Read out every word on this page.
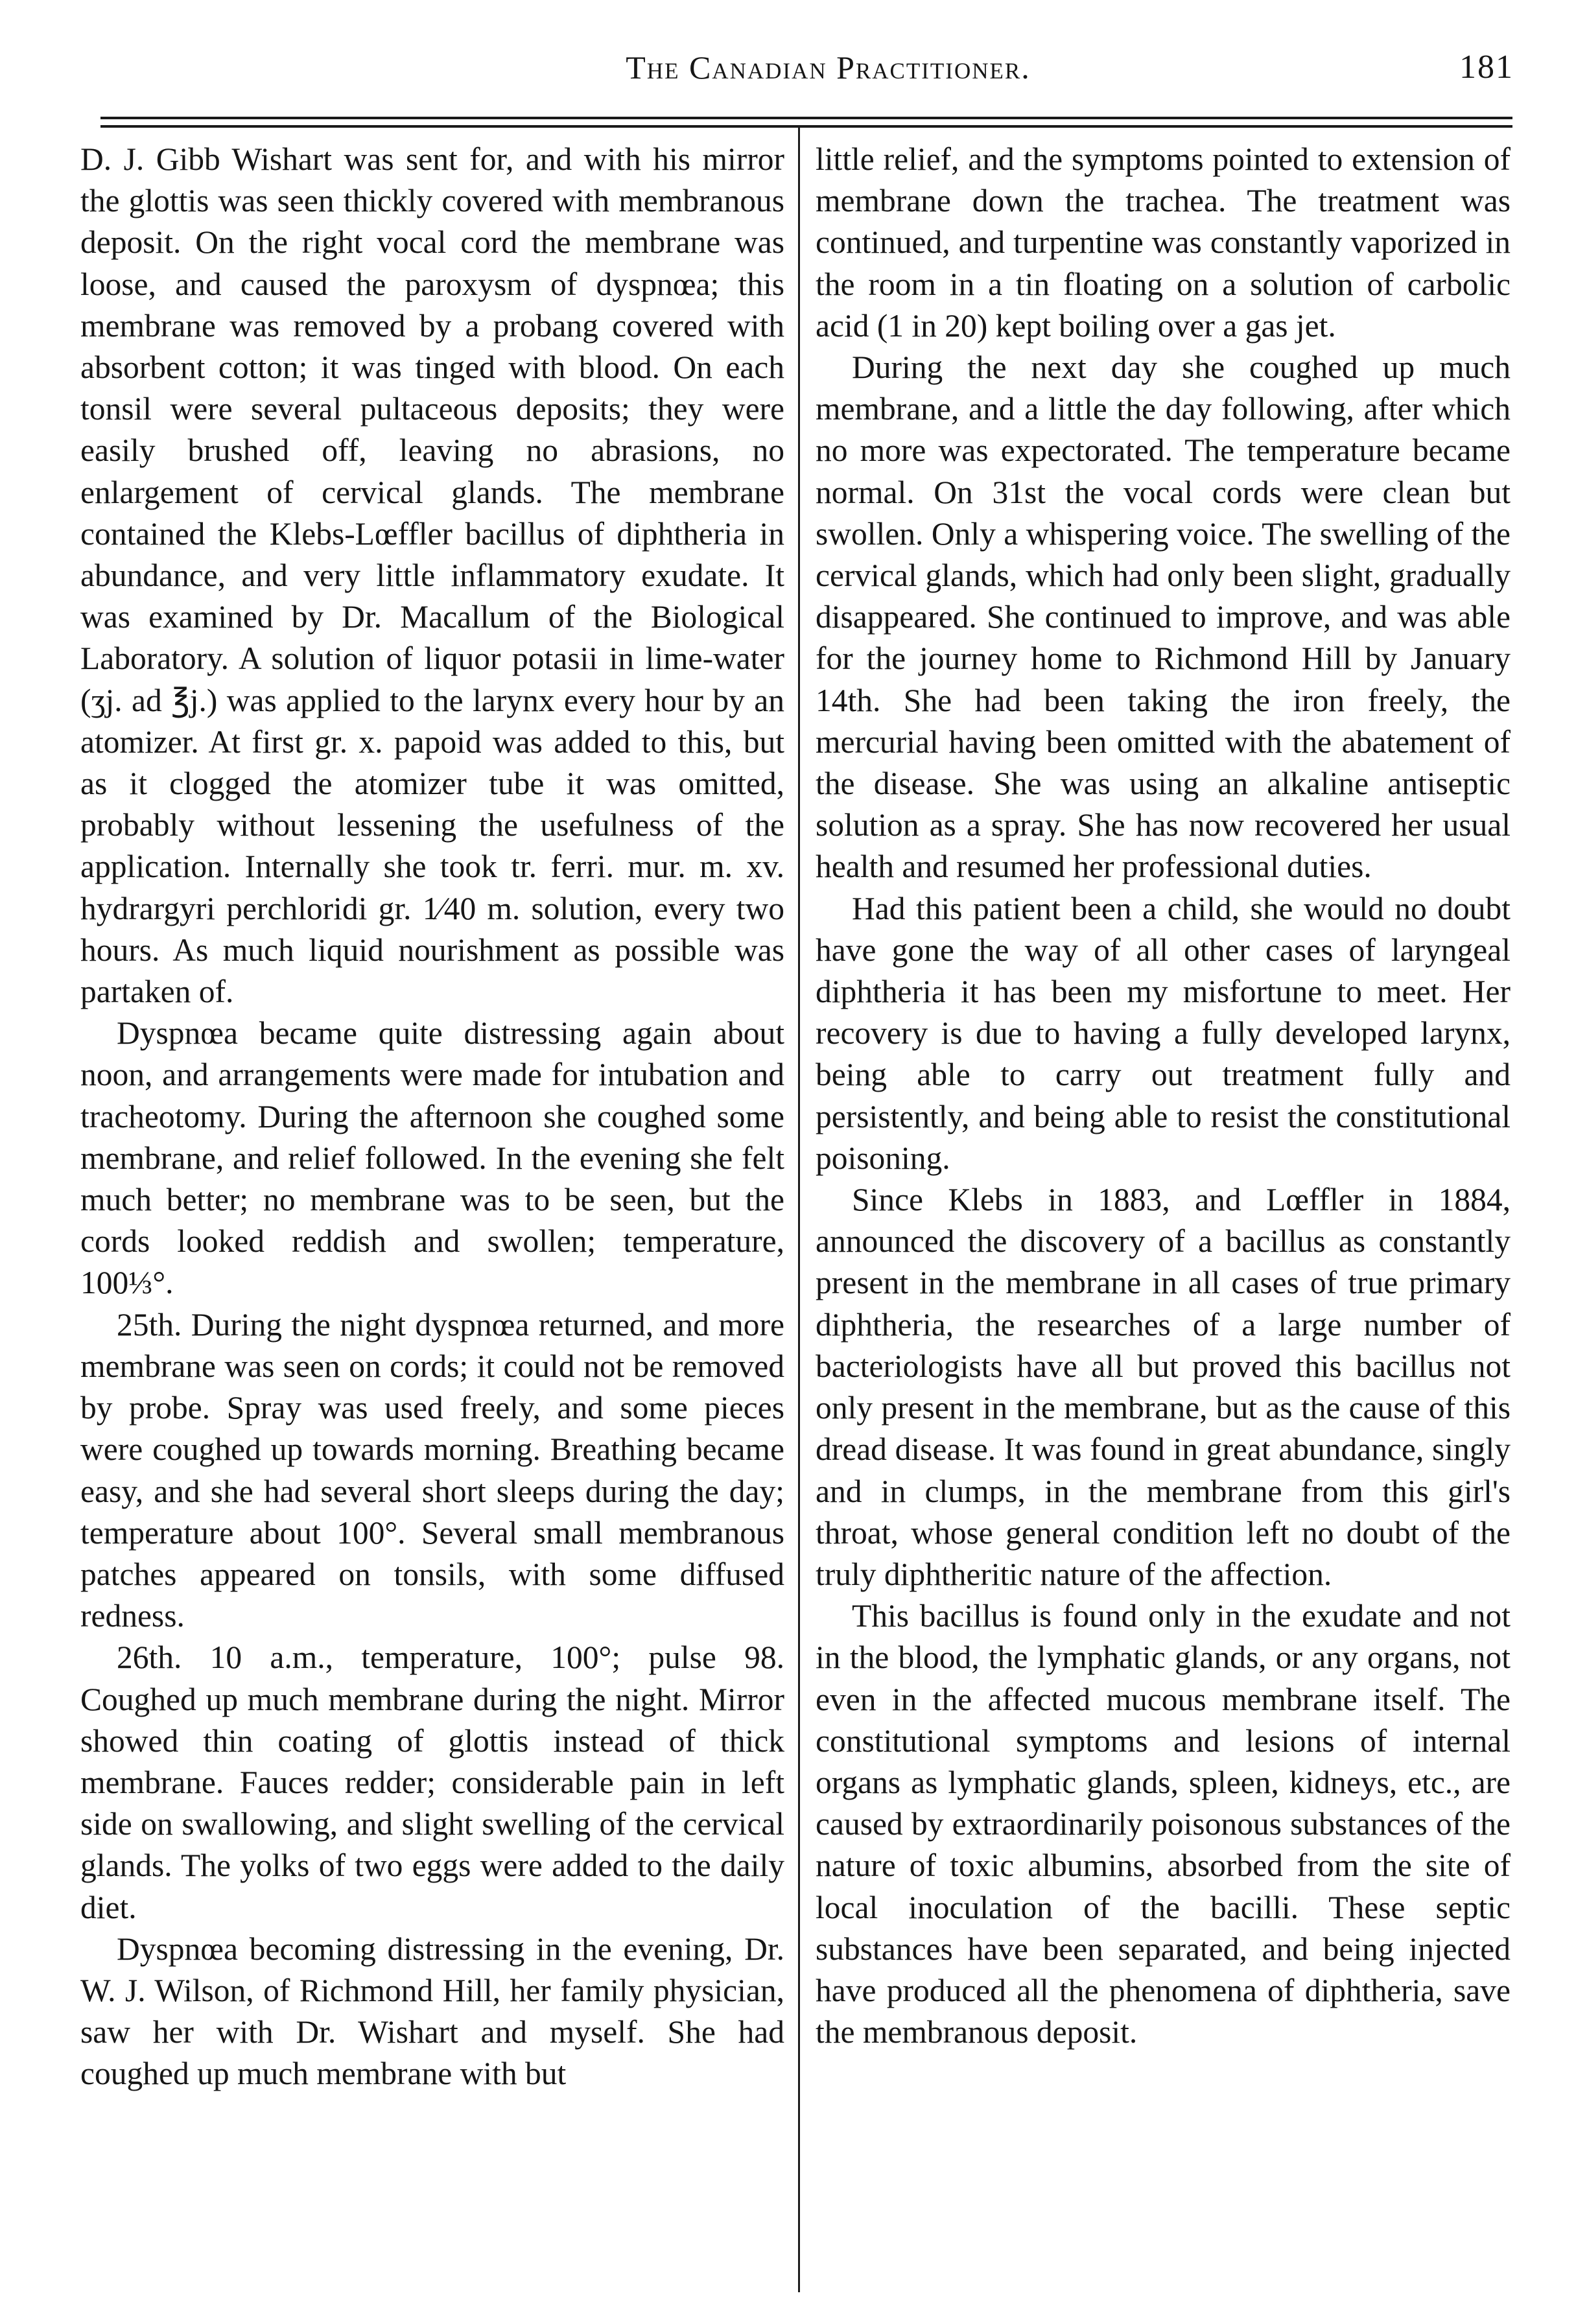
The Canadian Practitioner.	181

D. J. Gibb Wishart was sent for, and with his mirror the glottis was seen thickly covered with membranous deposit. On the right vocal cord the membrane was loose, and caused the paroxysm of dyspnœa; this membrane was removed by a probang covered with absorbent cotton; it was tinged with blood. On each tonsil were several pultaceous deposits; they were easily brushed off, leaving no abrasions, no enlargement of cervical glands. The membrane contained the Klebs-Lœffler bacillus of diphtheria in abundance, and very little inflammatory exudate. It was examined by Dr. Macallum of the Biological Laboratory. A solution of liquor potasii in lime-water (ʒj. ad ℥j.) was applied to the larynx every hour by an atomizer. At first gr. x. papoid was added to this, but as it clogged the atomizer tube it was omitted, probably without lessening the usefulness of the application. Internally she took tr. ferri. mur. m. xv. hydrargyri perchloridi gr. 1⁄40 m. solution, every two hours. As much liquid nourishment as possible was partaken of.

Dyspnœa became quite distressing again about noon, and arrangements were made for intubation and tracheotomy. During the afternoon she coughed some membrane, and relief followed. In the evening she felt much better; no membrane was to be seen, but the cords looked reddish and swollen; temperature, 100⅓°.

25th. During the night dyspnœa returned, and more membrane was seen on cords; it could not be removed by probe. Spray was used freely, and some pieces were coughed up towards morning. Breathing became easy, and she had several short sleeps during the day; temperature about 100°. Several small membranous patches appeared on tonsils, with some diffused redness.

26th. 10 a.m., temperature, 100°; pulse 98. Coughed up much membrane during the night. Mirror showed thin coating of glottis instead of thick membrane. Fauces redder; considerable pain in left side on swallowing, and slight swelling of the cervical glands. The yolks of two eggs were added to the daily diet.

Dyspnœa becoming distressing in the evening, Dr. W. J. Wilson, of Richmond Hill, her family physician, saw her with Dr. Wishart and myself. She had coughed up much membrane with but

little relief, and the symptoms pointed to extension of membrane down the trachea. The treatment was continued, and turpentine was constantly vaporized in the room in a tin floating on a solution of carbolic acid (1 in 20) kept boiling over a gas jet.

During the next day she coughed up much membrane, and a little the day following, after which no more was expectorated. The temperature became normal. On 31st the vocal cords were clean but swollen. Only a whispering voice. The swelling of the cervical glands, which had only been slight, gradually disappeared. She continued to improve, and was able for the journey home to Richmond Hill by January 14th. She had been taking the iron freely, the mercurial having been omitted with the abatement of the disease. She was using an alkaline antiseptic solution as a spray. She has now recovered her usual health and resumed her professional duties.

Had this patient been a child, she would no doubt have gone the way of all other cases of laryngeal diphtheria it has been my misfortune to meet. Her recovery is due to having a fully developed larynx, being able to carry out treatment fully and persistently, and being able to resist the constitutional poisoning.

Since Klebs in 1883, and Lœffler in 1884, announced the discovery of a bacillus as constantly present in the membrane in all cases of true primary diphtheria, the researches of a large number of bacteriologists have all but proved this bacillus not only present in the membrane, but as the cause of this dread disease. It was found in great abundance, singly and in clumps, in the membrane from this girl's throat, whose general condition left no doubt of the truly diphtheritic nature of the affection.

This bacillus is found only in the exudate and not in the blood, the lymphatic glands, or any organs, not even in the affected mucous membrane itself. The constitutional symptoms and lesions of internal organs as lymphatic glands, spleen, kidneys, etc., are caused by extraordinarily poisonous substances of the nature of toxic albumins, absorbed from the site of local inoculation of the bacilli. These septic substances have been separated, and being injected have produced all the phenomena of diphtheria, save the membranous deposit.
